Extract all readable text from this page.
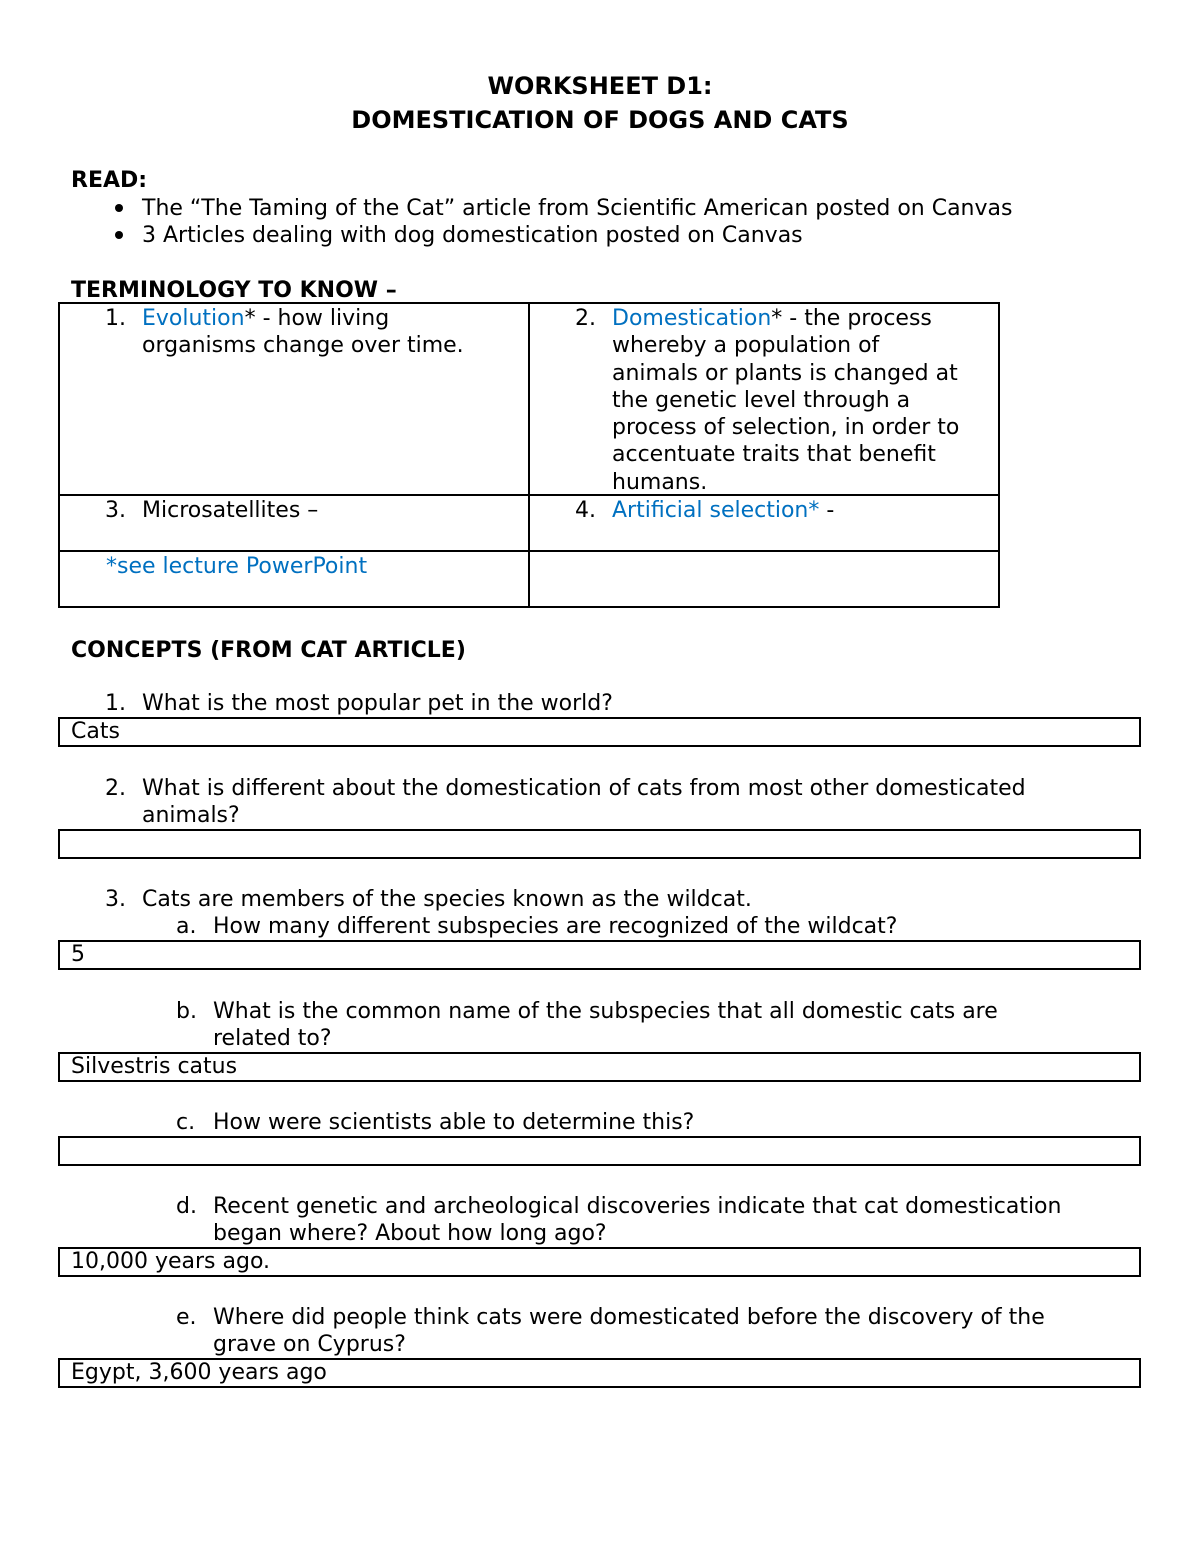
WORKSHEET D1:
DOMESTICATION OF DOGS AND CATS
READ:
The “The Taming of the Cat” article from Scientific American posted on Canvas
3 Articles dealing with dog domestication posted on Canvas
TERMINOLOGY TO KNOW –
1. Evolution* - how living
organisms change over time.
2. Domestication* - the process
whereby a population of
animals or plants is changed at
the genetic level through a
process of selection, in order to
accentuate traits that benefit
humans.
3. Microsatellites –	4. Artificial selection* -
*see lecture PowerPoint
CONCEPTS (FROM CAT ARTICLE)
1. What is the most popular pet in the world?
Cats
2. What is different about the domestication of cats from most other domesticated
animals?
3. Cats are members of the species known as the wildcat.
a. How many different subspecies are recognized of the wildcat?
5
b. What is the common name of the subspecies that all domestic cats are
related to?
Silvestris catus
c. How were scientists able to determine this?
d. Recent genetic and archeological discoveries indicate that cat domestication
began where? About how long ago?
10,000 years ago.
e. Where did people think cats were domesticated before the discovery of the
grave on Cyprus?
Egypt, 3,600 years ago
